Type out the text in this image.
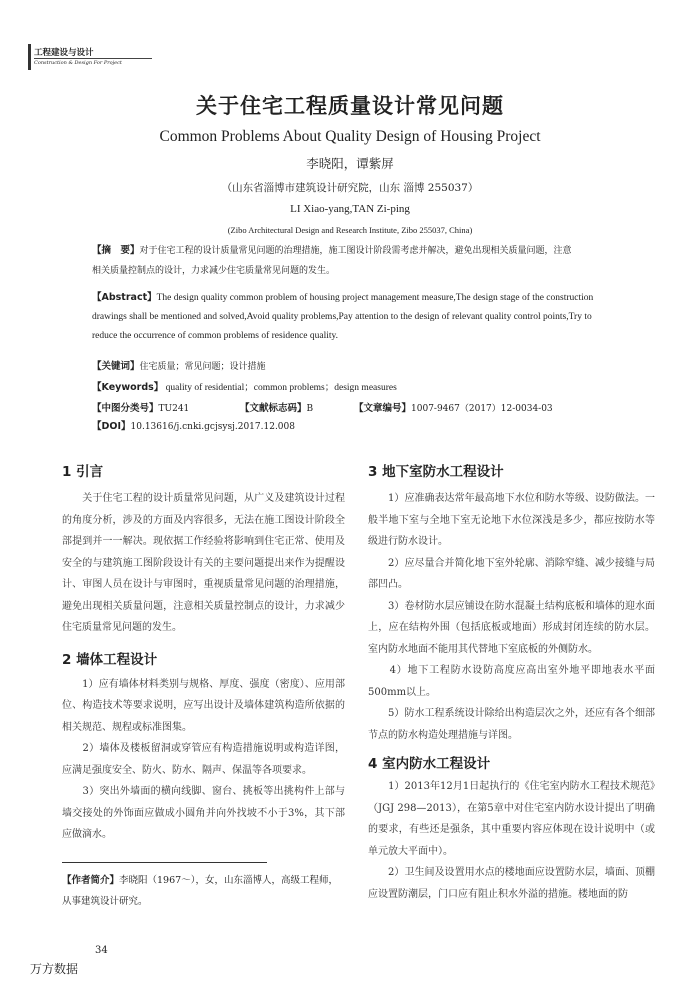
工程建设与设计
Construction & Design For Project
关于住宅工程质量设计常见问题
Common Problems About Quality Design of Housing Project
李晓阳，谭紫屏
（山东省淄博市建筑设计研究院，山东 淄博 255037）
LI Xiao-yang,TAN Zi-ping
(Zibo Architectural Design and Research Institute, Zibo 255037, China)
【摘　要】对于住宅工程的设计质量常见问题的治理措施，施工图设计阶段需考虑并解决，避免出现相关质量问题，注意
相关质量控制点的设计，力求减少住宅质量常见问题的发生。
【Abstract】The design quality common problem of housing project management measure,The design stage of the construction
drawings shall be mentioned and solved,Avoid quality problems,Pay attention to the design of relevant quality control points,Try to
reduce the occurrence of common problems of residence quality.
【关键词】住宅质量；常见问题；设计措施
【Keywords】 quality of residential；common problems；design measures
【中图分类号】TU241	【文献标志码】B	【文章编号】1007-9467（2017）12-0034-03
【DOI】10.13616/j.cnki.gcjsysj.2017.12.008
1 引言
　　关于住宅工程的设计质量常见问题，从广义及建筑设计过程的角度分析，涉及的方面及内容很多，无法在施工图设计阶段全部提到并一一解决。现依据工作经验将影响到住宅正常、使用及安全的与建筑施工图阶段设计有关的主要问题提出来作为提醒设计、审图人员在设计与审图时，重视质量常见问题的治理措施，避免出现相关质量问题，注意相关质量控制点的设计，力求减少住宅质量常见问题的发生。
2 墙体工程设计
　　1）应有墙体材料类别与规格、厚度、强度（密度）、应用部位、构造技术等要求说明，应写出设计及墙体建筑构造所依据的相关规范、规程或标准图集。
　　2）墙体及楼板留洞或穿管应有构造措施说明或构造详图，应满足强度安全、防火、防水、隔声、保温等各项要求。
　　3）突出外墙面的横向线脚、窗台、挑板等出挑构件上部与墙交接处的外饰面应做成小圆角并向外找坡不小于3%，其下部应做滴水。
3 地下室防水工程设计
　　1）应准确表达常年最高地下水位和防水等级、设防做法。一般半地下室与全地下室无论地下水位深浅是多少，都应按防水等级进行防水设计。
　　2）应尽量合并简化地下室外轮廓、消除窄缝、减少接缝与局部凹凸。
　　3）卷材防水层应铺设在防水混凝土结构底板和墙体的迎水面上，应在结构外围（包括底板或地面）形成封闭连续的防水层。室内防水地面不能用其代替地下室底板的外侧防水。
　　4）地下工程防水设防高度应高出室外地平即地表水平面500mm以上。
　　5）防水工程系统设计除给出构造层次之外，还应有各个细部节点的防水构造处理措施与详图。
4 室内防水工程设计
　　1）2013年12月1日起执行的《住宅室内防水工程技术规范》（JGJ 298—2013），在第5章中对住宅室内防水设计提出了明确的要求，有些还是强条，其中重要内容应体现在设计说明中（或单元放大平面中）。
　　2）卫生间及设置用水点的楼地面应设置防水层，墙面、顶棚应设置防潮层，门口应有阻止积水外溢的措施。楼地面的防
【作者简介】李晓阳（1967～），女，山东淄博人，高级工程师，从事建筑设计研究。
34
万方数据
